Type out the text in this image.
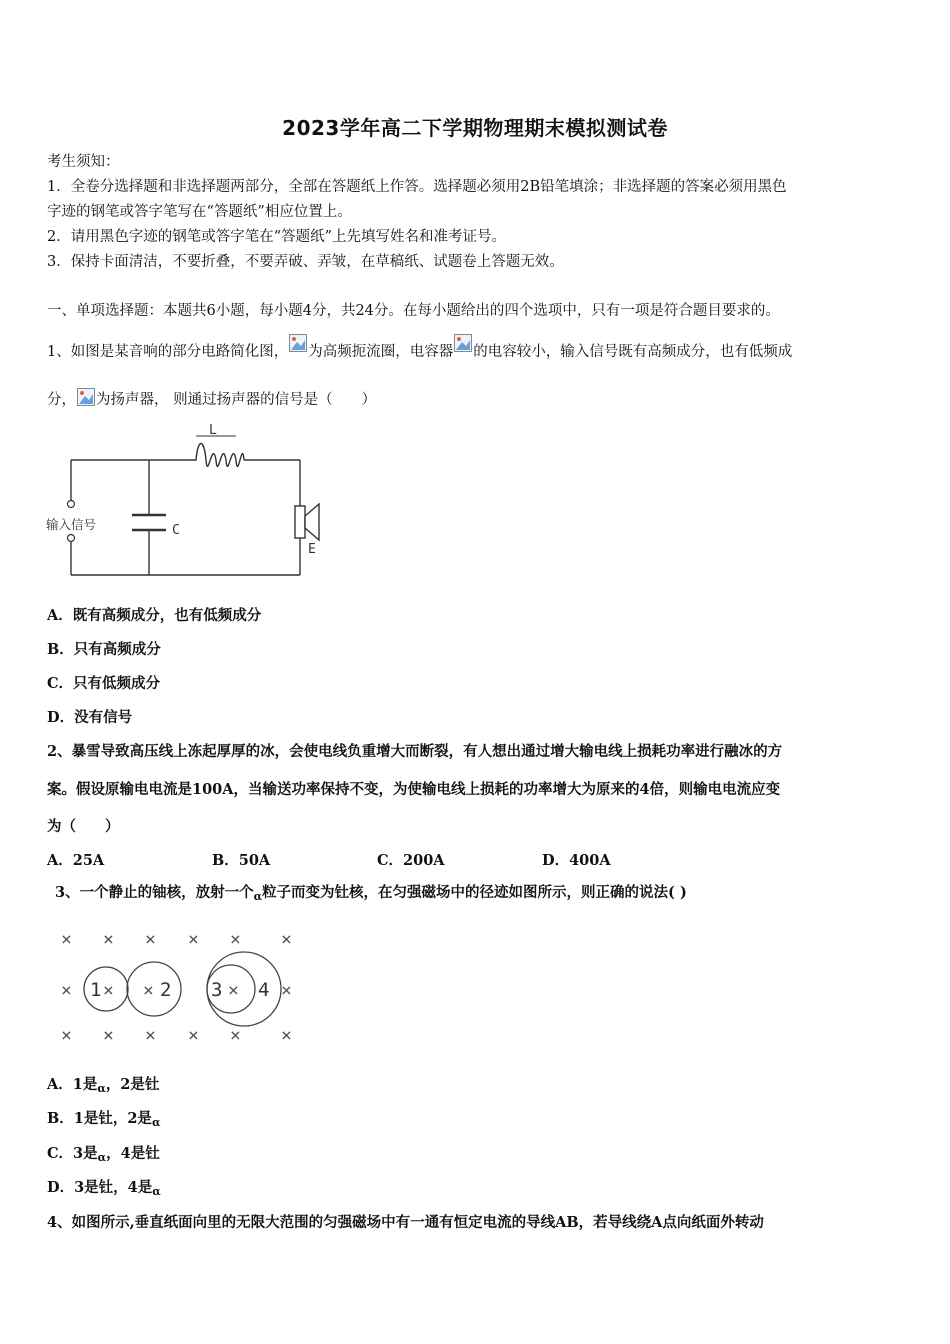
2023学年高二下学期物理期末模拟测试卷
考生须知：
1．全卷分选择题和非选择题两部分，全部在答题纸上作答。选择题必须用2B铅笔填涂；非选择题的答案必须用黑色
字迹的钢笔或答字笔写在“答题纸”相应位置上。
2．请用黑色字迹的钢笔或答字笔在“答题纸”上先填写姓名和准考证号。
3．保持卡面清洁，不要折叠，不要弄破、弄皱，在草稿纸、试题卷上答题无效。
一、单项选择题：本题共6小题，每小题4分，共24分。在每小题给出的四个选项中，只有一项是符合题目要求的。
1、如图是某音响的部分电路简化图， 为高频扼流圈，电容器 的电容较小，输入信号既有高频成分，也有低频成
分， 为扬声器， 则通过扬声器的信号是（　　）
L
C
E
输入信号
A．既有高频成分，也有低频成分
B．只有高频成分
C．只有低频成分
D．没有信号
2、暴雪导致高压线上冻起厚厚的冰，会使电线负重增大而断裂，有人想出通过增大输电线上损耗功率进行融冰的方
案。假设原输电电流是100A，当输送功率保持不变，为使输电线上损耗的功率增大为原来的4倍，则输电电流应变
为（　　）
A．25A	B．50A	C．200A	D．400A
3、一个静止的铀核，放射一个$_\alpha$粒子而变为钍核，在匀强磁场中的径迹如图所示，则正确的说法( )
× × × × × ×
× × ×	× ×
× × × × × ×
1	2 3 4
A．1是$_\alpha$，2是钍
B．1是钍，2是$_\alpha$
C．3是$_\alpha$，4是钍
D．3是钍，4是$_\alpha$
4、如图所示,垂直纸面向里的无限大范围的匀强磁场中有一通有恒定电流的导线AB，若导线绕A点向纸面外转动
